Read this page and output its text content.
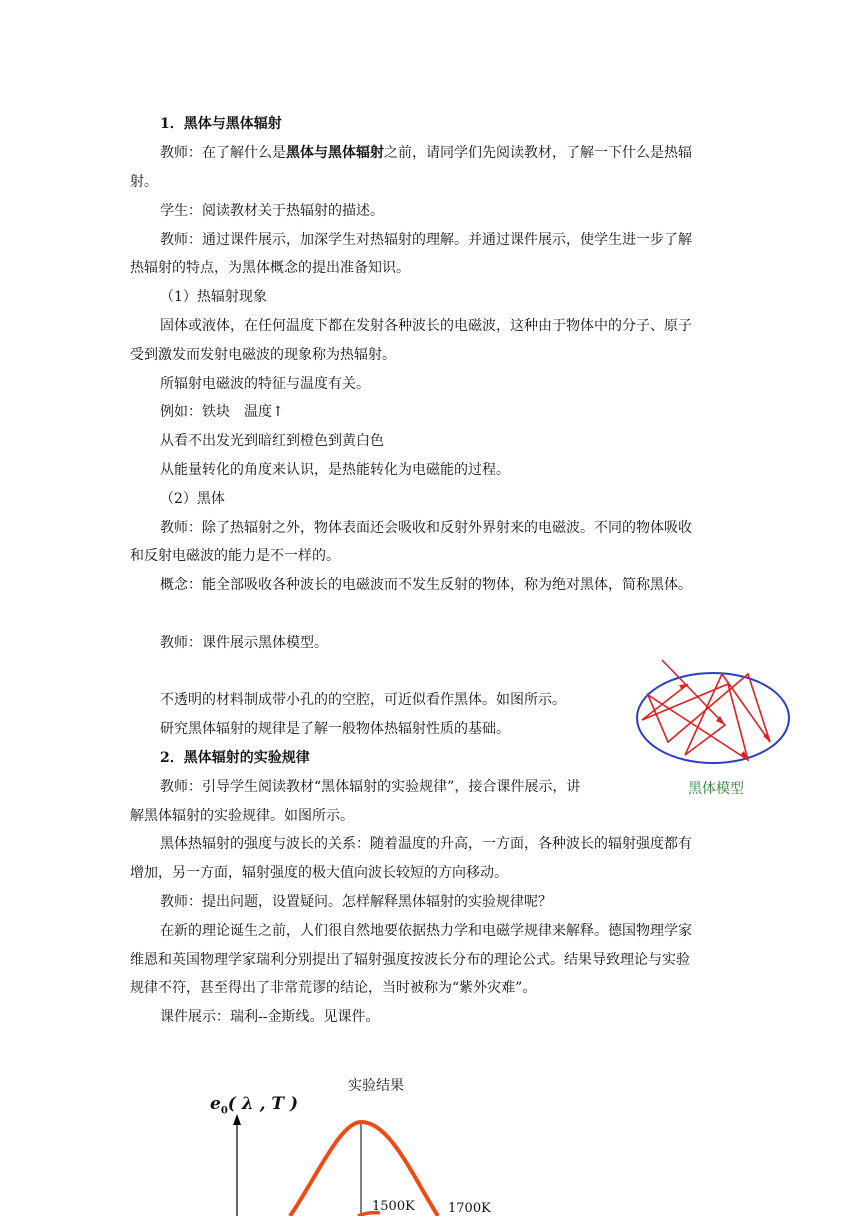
1．黑体与黑体辐射
教师：在了解什么是黑体与黑体辐射之前，请同学们先阅读教材，了解一下什么是热辐
射。
学生：阅读教材关于热辐射的描述。
教师：通过课件展示，加深学生对热辐射的理解。并通过课件展示，使学生进一步了解
热辐射的特点，为黑体概念的提出准备知识。
（1）热辐射现象
固体或液体，在任何温度下都在发射各种波长的电磁波，这种由于物体中的分子、原子
受到激发而发射电磁波的现象称为热辐射。
所辐射电磁波的特征与温度有关。
例如：铁块　温度↑
从看不出发光到暗红到橙色到黄白色
从能量转化的角度来认识，是热能转化为电磁能的过程。
（2）黑体
教师：除了热辐射之外，物体表面还会吸收和反射外界射来的电磁波。不同的物体吸收
和反射电磁波的能力是不一样的。
概念：能全部吸收各种波长的电磁波而不发生反射的物体，称为绝对黑体，简称黑体。
教师：课件展示黑体模型。
不透明的材料制成带小孔的的空腔，可近似看作黑体。如图所示。
研究黑体辐射的规律是了解一般物体热辐射性质的基础。
黑体模型
2．黑体辐射的实验规律
教师：引导学生阅读教材“黑体辐射的实验规律”，接合课件展示，讲
解黑体辐射的实验规律。如图所示。
黑体热辐射的强度与波长的关系：随着温度的升高，一方面，各种波长的辐射强度都有
增加，另一方面，辐射强度的极大值向波长较短的方向移动。
教师：提出问题，设置疑问。怎样解释黑体辐射的实验规律呢？
在新的理论诞生之前，人们很自然地要依据热力学和电磁学规律来解释。德国物理学家
维恩和英国物理学家瑞利分别提出了辐射强度按波长分布的理论公式。结果导致理论与实验
规律不符，甚至得出了非常荒谬的结论，当时被称为“紫外灾难”。
课件展示：瑞利--金斯线。见课件。
实验结果
$e_0$( λ , T )
1500K	1700K
